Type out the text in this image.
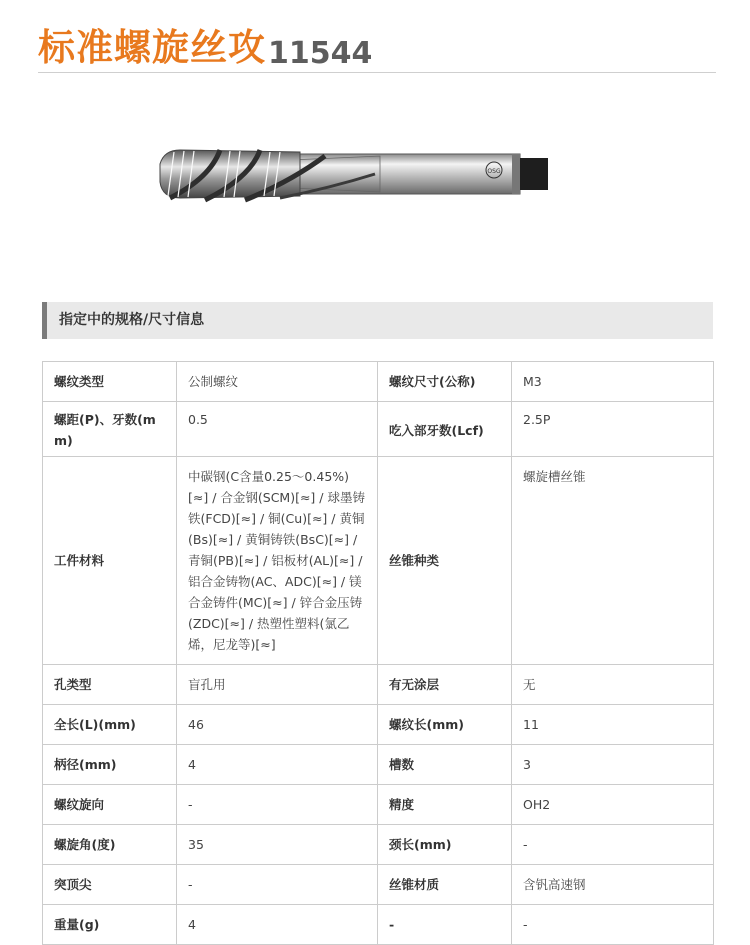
标准螺旋丝攻 11544
OSG
指定中的规格/尺寸信息
螺纹类型	公制螺纹	螺纹尺寸(公称)	M3
螺距(P)、牙数(mm)	0.5	吃入部牙数(Lcf)	2.5P
工件材料	中碳钢(C含量0.25～0.45%)[≈] / 合金钢(SCM)[≈] / 球墨铸铁(FCD)[≈] / 铜(Cu)[≈] / 黄铜(Bs)[≈] / 黄铜铸铁(BsC)[≈] / 青铜(PB)[≈] / 铝板材(AL)[≈] / 铝合金铸物(AC、ADC)[≈] / 镁合金铸件(MC)[≈] / 锌合金压铸(ZDC)[≈] / 热塑性塑料(氯乙烯，尼龙等)[≈]	丝锥种类	螺旋槽丝锥
孔类型	盲孔用	有无涂层	无
全长(L)(mm)	46	螺纹长(mm)	11
柄径(mm)	4	槽数	3
螺纹旋向	-	精度	OH2
螺旋角(度)	35	颈长(mm)	-
突顶尖	-	丝锥材质	含钒高速钢
重量(g)	4	-	-
